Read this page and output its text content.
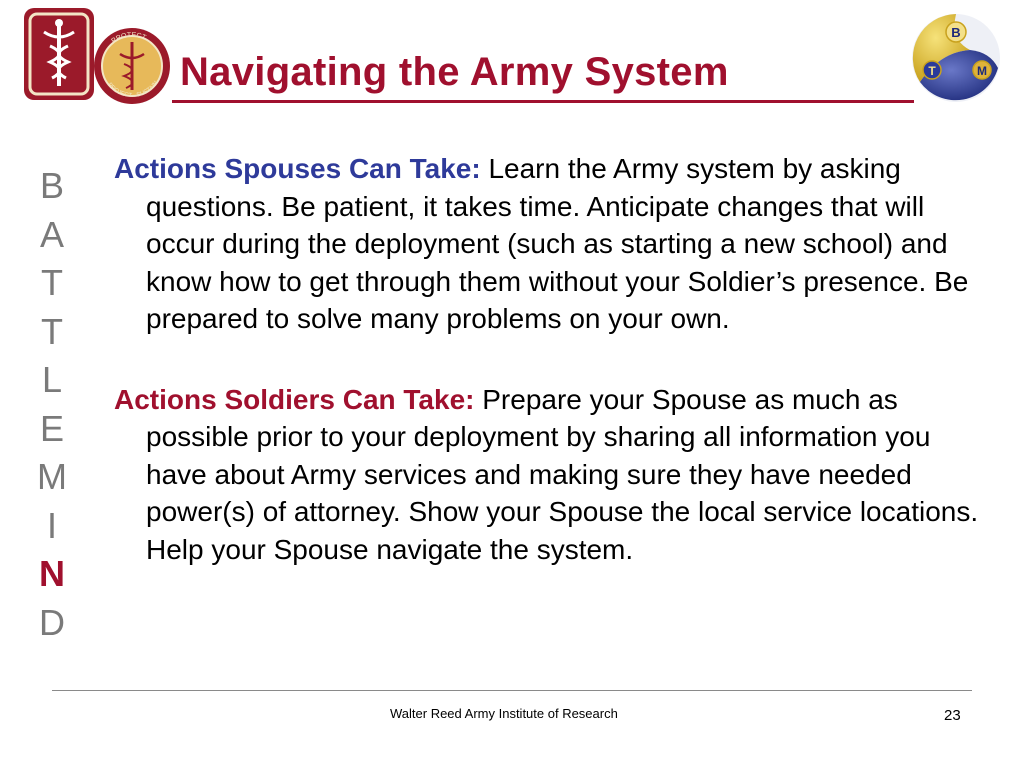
PROTECT
PROJECT · SUSTAIN Navigating the Army System
B
T	M
B
A
T
T
L
E
M
I
N
D

Actions Spouses Can Take: Learn the Army system by asking questions. Be patient, it takes time. Anticipate changes that will occur during the deployment (such as starting a new school) and know how to get through them without your Soldier’s presence. Be prepared to solve many problems on your own.

Actions Soldiers Can Take: Prepare your Spouse as much as possible prior to your deployment by sharing all information you have about Army services and making sure they have needed power(s) of attorney. Show your Spouse the local service locations. Help your Spouse navigate the system.

Walter Reed Army Institute of Research	23
